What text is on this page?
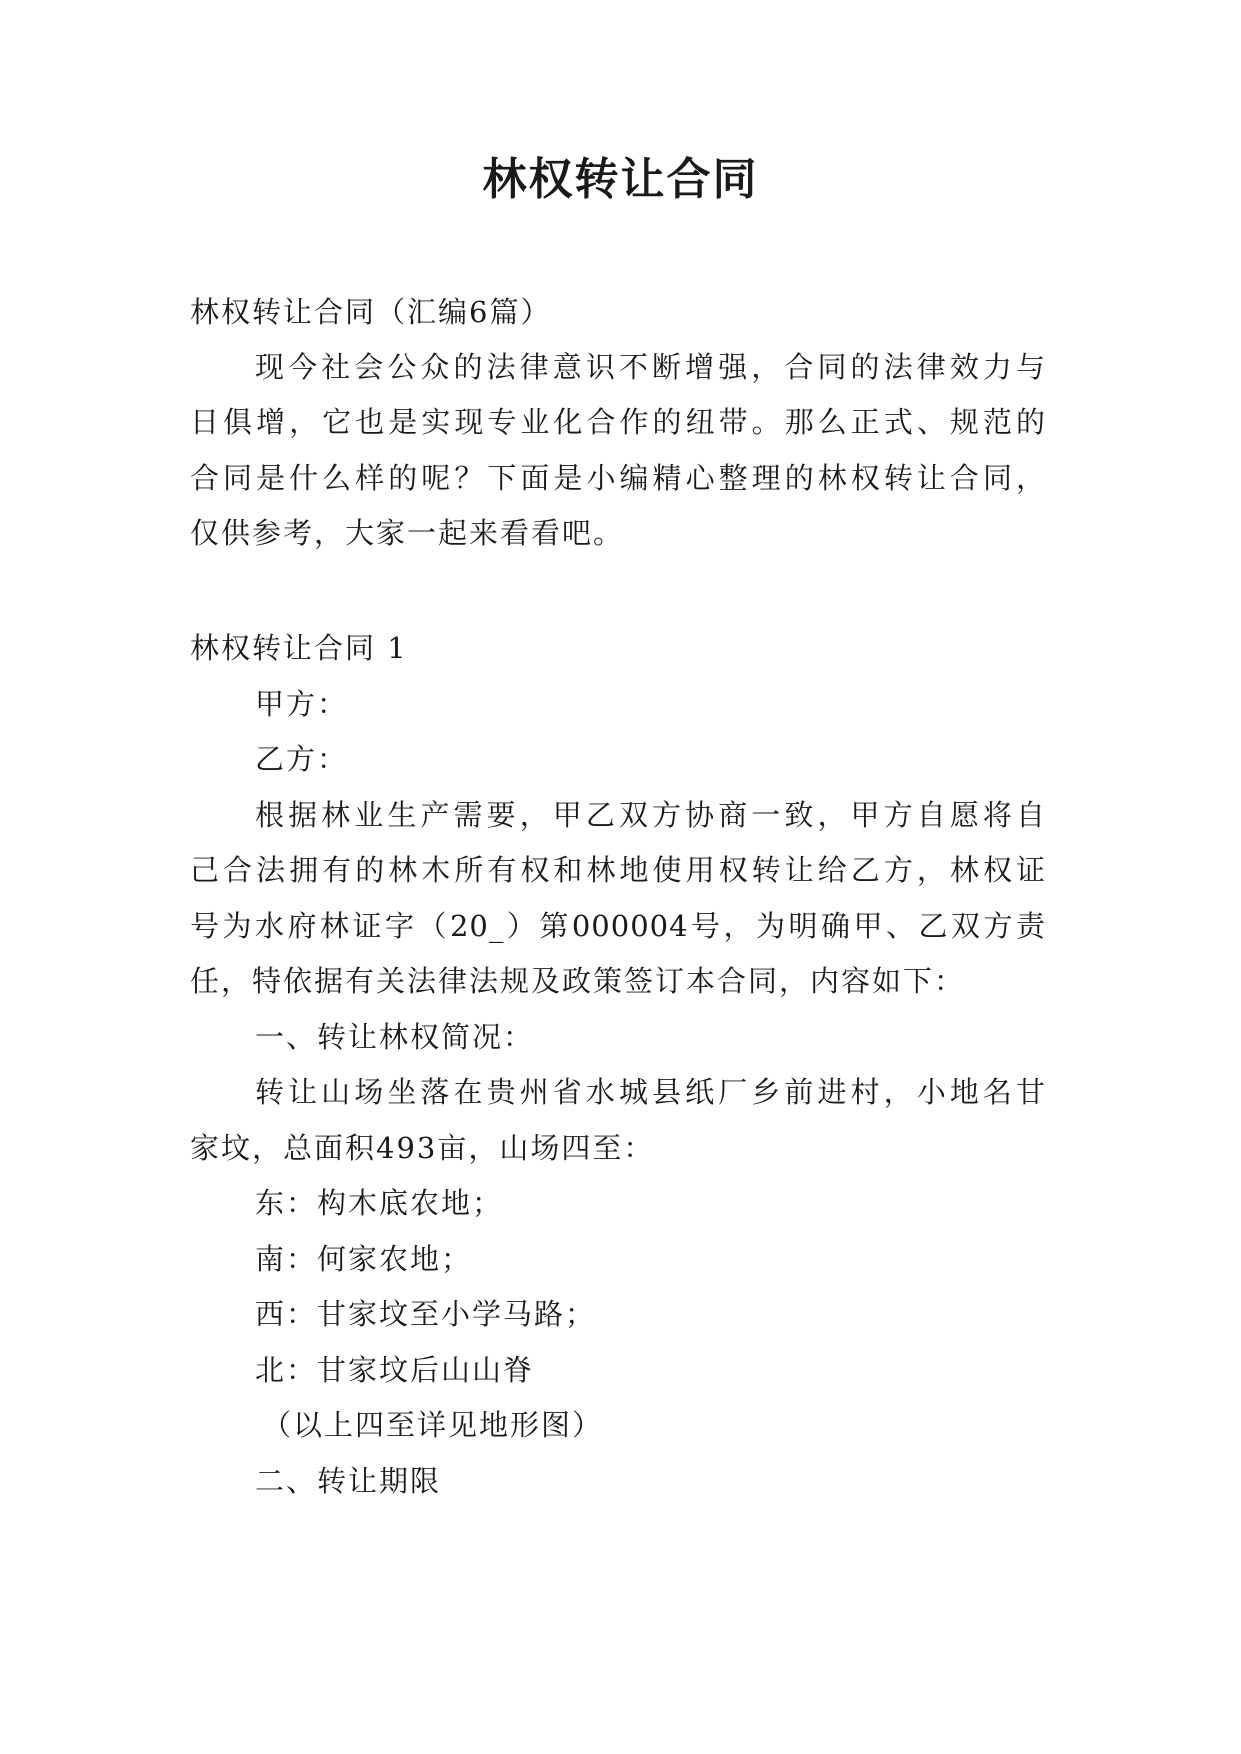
林权转让合同
林权转让合同（汇编6篇）
现今社会公众的法律意识不断增强，合同的法律效力与
日俱增，它也是实现专业化合作的纽带。那么正式、规范的
合同是什么样的呢？下面是小编精心整理的林权转让合同，
仅供参考，大家一起来看看吧。
林权转让合同 1
甲方：
乙方：
根据林业生产需要，甲乙双方协商一致，甲方自愿将自
己合法拥有的林木所有权和林地使用权转让给乙方，林权证
号为水府林证字（20_）第000004号，为明确甲、乙双方责
任，特依据有关法律法规及政策签订本合同，内容如下：
一、转让林权简况：
转让山场坐落在贵州省水城县纸厂乡前进村，小地名甘
家坟，总面积493亩，山场四至：
东：构木底农地；
南：何家农地；
西：甘家坟至小学马路；
北：甘家坟后山山脊
（以上四至详见地形图）
二、转让期限
